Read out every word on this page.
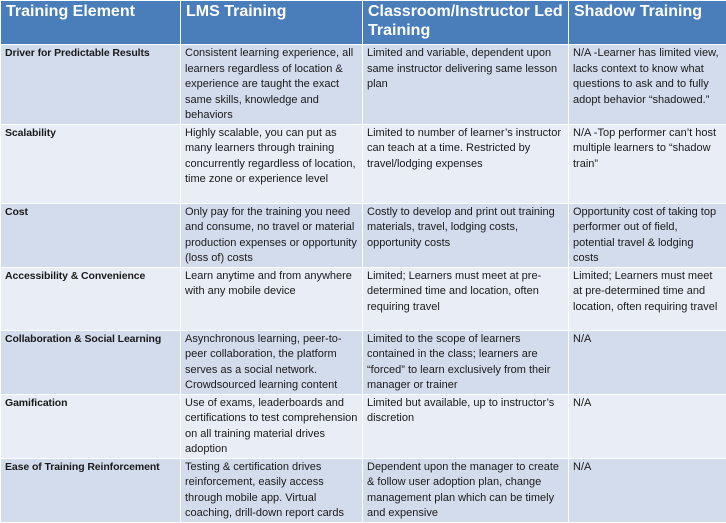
Training Element	LMS Training	Classroom/Instructor Led Training	Shadow Training
Driver for Predictable Results	Consistent learning experience, all learners regardless of location & experience are taught the exact same skills, knowledge and behaviors	Limited and variable, dependent upon same instructor delivering same lesson plan	N/A -Learner has limited view, lacks context to know what questions to ask and to fully adopt behavior “shadowed.”
Scalability	Highly scalable, you can put as many learners through training concurrently regardless of location, time zone or experience level	Limited to number of learner’s instructor can teach at a time. Restricted by travel/lodging expenses	N/A -Top performer can’t host multiple learners to “shadow train”
Cost	Only pay for the training you need and consume, no travel or material production expenses or opportunity (loss of) costs	Costly to develop and print out training materials, travel, lodging costs, opportunity costs	Opportunity cost of taking top performer out of field, potential travel & lodging costs
Accessibility & Convenience	Learn anytime and from anywhere with any mobile device	Limited; Learners must meet at pre-determined time and location, often requiring travel	Limited; Learners must meet at pre-determined time and location, often requiring travel
Collaboration & Social Learning	Asynchronous learning, peer-to-peer collaboration, the platform serves as a social network. Crowdsourced learning content	Limited to the scope of learners contained in the class; learners are “forced” to learn exclusively from their manager or trainer	N/A
Gamification	Use of exams, leaderboards and certifications to test comprehension on all training material drives adoption	Limited but available, up to instructor’s discretion	N/A
Ease of Training Reinforcement	Testing & certification drives reinforcement, easily access through mobile app. Virtual coaching, drill-down report cards	Dependent upon the manager to create & follow user adoption plan, change management plan which can be timely and expensive	N/A
